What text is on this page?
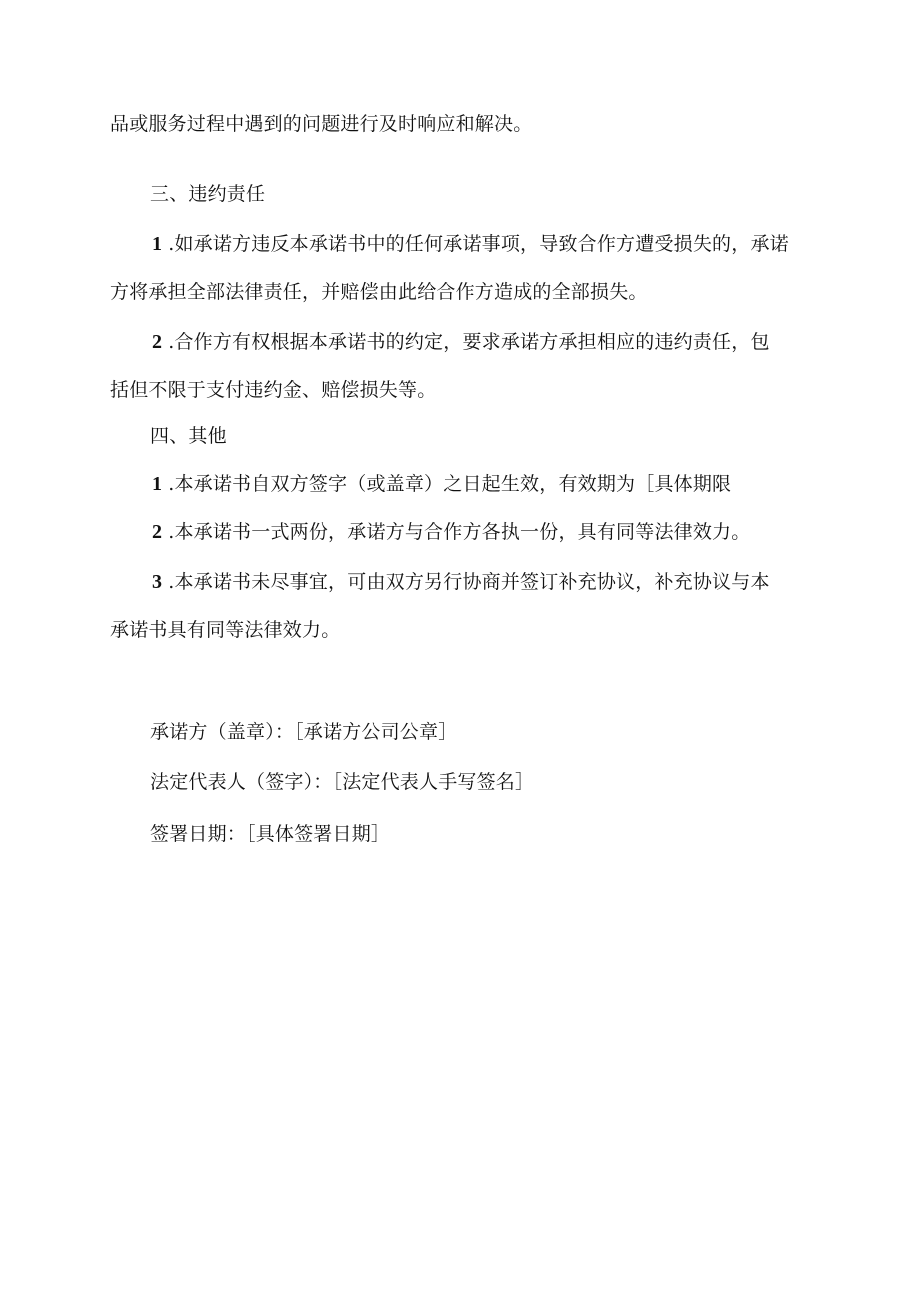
品或服务过程中遇到的问题进行及时响应和解决。
三、违约责任
1 .如承诺方违反本承诺书中的任何承诺事项，导致合作方遭受损失的，承诺
方将承担全部法律责任，并赔偿由此给合作方造成的全部损失。
2 .合作方有权根据本承诺书的约定，要求承诺方承担相应的违约责任，包
括但不限于支付违约金、赔偿损失等。
四、其他
1 .本承诺书自双方签字（或盖章）之日起生效，有效期为［具体期限
2 .本承诺书一式两份，承诺方与合作方各执一份，具有同等法律效力。
3 .本承诺书未尽事宜，可由双方另行协商并签订补充协议，补充协议与本
承诺书具有同等法律效力。
承诺方（盖章）：［承诺方公司公章］
法定代表人（签字）：［法定代表人手写签名］
签署日期：［具体签署日期］
